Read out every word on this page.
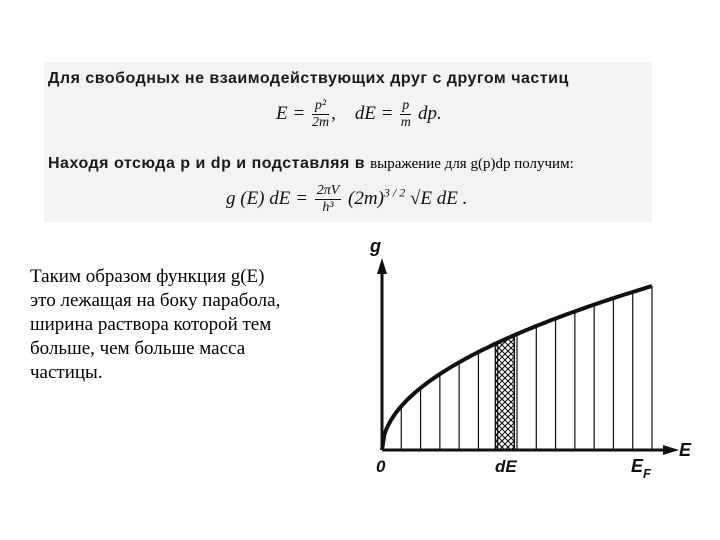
Для свободных не взаимодействующих друг с другом частиц
$E = \frac{\text{p²}}{2m}$ , dE = $\frac{p}{m}$ dp.
Находя отсюда p и dp и подставляя в выражение для g(p)dp получим:
g (E) dE = $\frac{2\pi V}{\text{h³}} (2m)^{3 / 2}$ √E dE .
Таким образом функция g(E)
это лежащая на боку парабола,
ширина раствора которой тем
больше, чем больше масса
частицы.
g
E
0	dE	$E_F$
